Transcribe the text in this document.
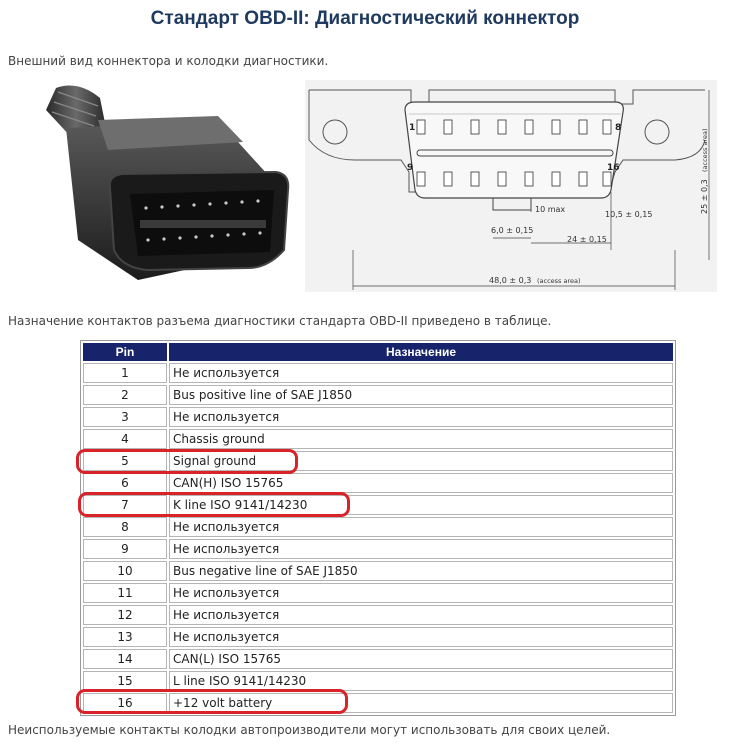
Стандарт OBD-II: Диагностический коннектор
Внешний вид коннектора и колодки диагностики.
1	8
9	16
10 max
6,0 ± 0,15
24 ± 0,15
10,5 ± 0,15
48,0 ± 0,3 (access area)
25 ± 0,3
(access area)
Назначение контактов разъема диагностики стандарта OBD-II приведено в таблице.
Pin	Назначение
1	Не используется
2	Bus positive line of SAE J1850
3	Не используется
4	Chassis ground
5	Signal ground
6	CAN(H) ISO 15765
7	K line ISO 9141/14230
8	Не используется
9	Не используется
10	Bus negative line of SAE J1850
11	Не используется
12	Не используется
13	Не используется
14	CAN(L) ISO 15765
15	L line ISO 9141/14230
16	+12 volt battery
Неиспользуемые контакты колодки автопроизводители могут использовать для своих целей.
